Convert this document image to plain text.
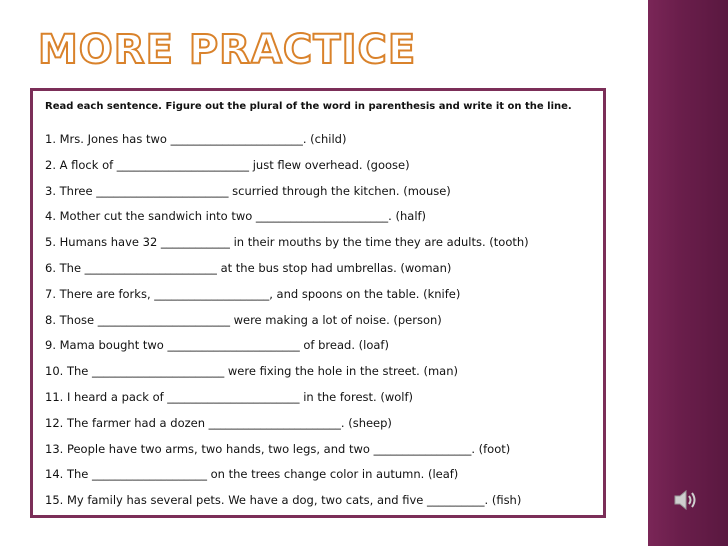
MORE PRACTICE
Read each sentence. Figure out the plural of the word in parenthesis and write it on the line.
1. Mrs. Jones has two _______________________. (child)
2. A flock of _______________________ just flew overhead. (goose)
3. Three _______________________ scurried through the kitchen. (mouse)
4. Mother cut the sandwich into two _______________________. (half)
5. Humans have 32 ____________ in their mouths by the time they are adults. (tooth)
6. The _______________________ at the bus stop had umbrellas. (woman)
7. There are forks, ____________________, and spoons on the table. (knife)
8. Those _______________________ were making a lot of noise. (person)
9. Mama bought two _______________________ of bread. (loaf)
10. The _______________________ were fixing the hole in the street. (man)
11. I heard a pack of _______________________ in the forest. (wolf)
12. The farmer had a dozen _______________________. (sheep)
13. People have two arms, two hands, two legs, and two _________________. (foot)
14. The ____________________ on the trees change color in autumn. (leaf)
15. My family has several pets. We have a dog, two cats, and five __________. (fish)
